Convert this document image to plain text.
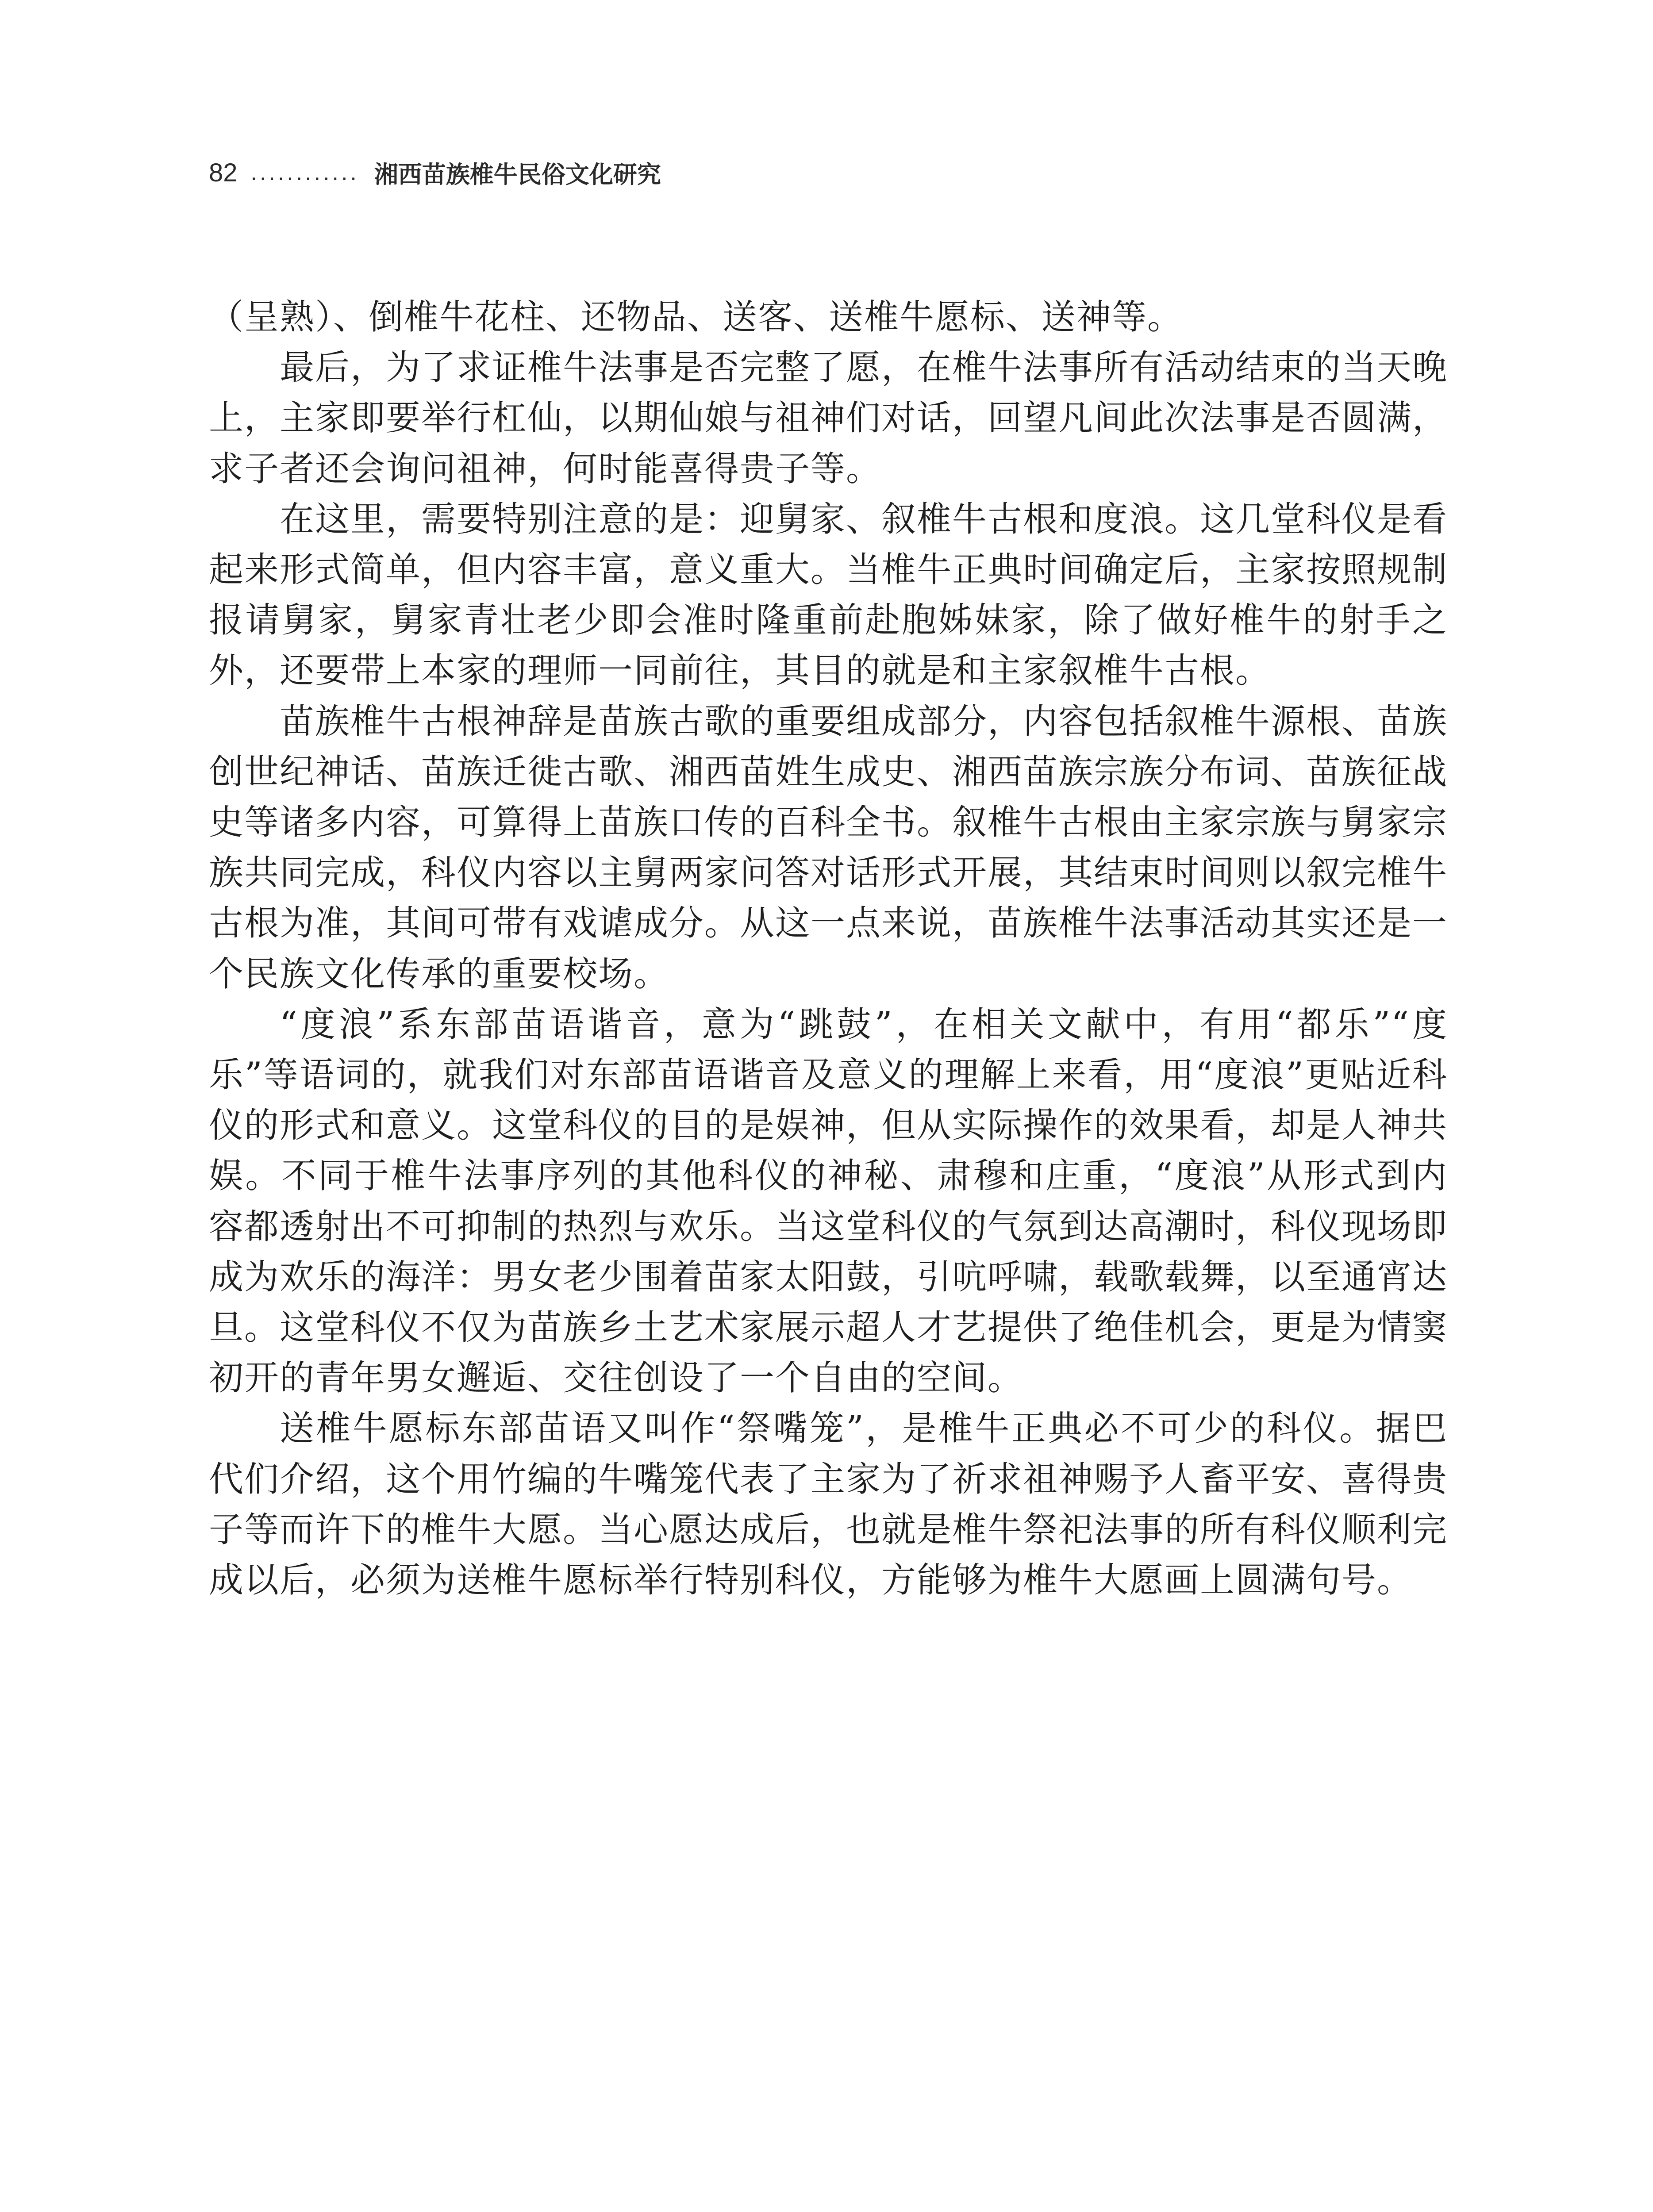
82 ............ 湘西苗族椎牛民俗文化研究

（呈熟）、倒椎牛花柱、还物品、送客、送椎牛愿标、送神等。

最后，为了求证椎牛法事是否完整了愿，在椎牛法事所有活动结束的当天晚上，主家即要举行杠仙，以期仙娘与祖神们对话，回望凡间此次法事是否圆满，求子者还会询问祖神，何时能喜得贵子等。

在这里，需要特别注意的是：迎舅家、叙椎牛古根和度浪。这几堂科仪是看起来形式简单，但内容丰富，意义重大。当椎牛正典时间确定后，主家按照规制报请舅家，舅家青壮老少即会准时隆重前赴胞姊妹家，除了做好椎牛的射手之外，还要带上本家的理师一同前往，其目的就是和主家叙椎牛古根。

苗族椎牛古根神辞是苗族古歌的重要组成部分，内容包括叙椎牛源根、苗族创世纪神话、苗族迁徙古歌、湘西苗姓生成史、湘西苗族宗族分布词、苗族征战史等诸多内容，可算得上苗族口传的百科全书。叙椎牛古根由主家宗族与舅家宗族共同完成，科仪内容以主舅两家问答对话形式开展，其结束时间则以叙完椎牛古根为准，其间可带有戏谑成分。从这一点来说，苗族椎牛法事活动其实还是一个民族文化传承的重要校场。

“度浪”系东部苗语谐音，意为“跳鼓”，在相关文献中，有用“都乐”“度乐”等语词的，就我们对东部苗语谐音及意义的理解上来看，用“度浪”更贴近科仪的形式和意义。这堂科仪的目的是娱神，但从实际操作的效果看，却是人神共娱。不同于椎牛法事序列的其他科仪的神秘、肃穆和庄重，“度浪”从形式到内容都透射出不可抑制的热烈与欢乐。当这堂科仪的气氛到达高潮时，科仪现场即成为欢乐的海洋：男女老少围着苗家太阳鼓，引吭呼啸，载歌载舞，以至通宵达旦。这堂科仪不仅为苗族乡土艺术家展示超人才艺提供了绝佳机会，更是为情窦初开的青年男女邂逅、交往创设了一个自由的空间。

送椎牛愿标东部苗语又叫作“祭嘴笼”，是椎牛正典必不可少的科仪。据巴代们介绍，这个用竹编的牛嘴笼代表了主家为了祈求祖神赐予人畜平安、喜得贵子等而许下的椎牛大愿。当心愿达成后，也就是椎牛祭祀法事的所有科仪顺利完成以后，必须为送椎牛愿标举行特别科仪，方能够为椎牛大愿画上圆满句号。
